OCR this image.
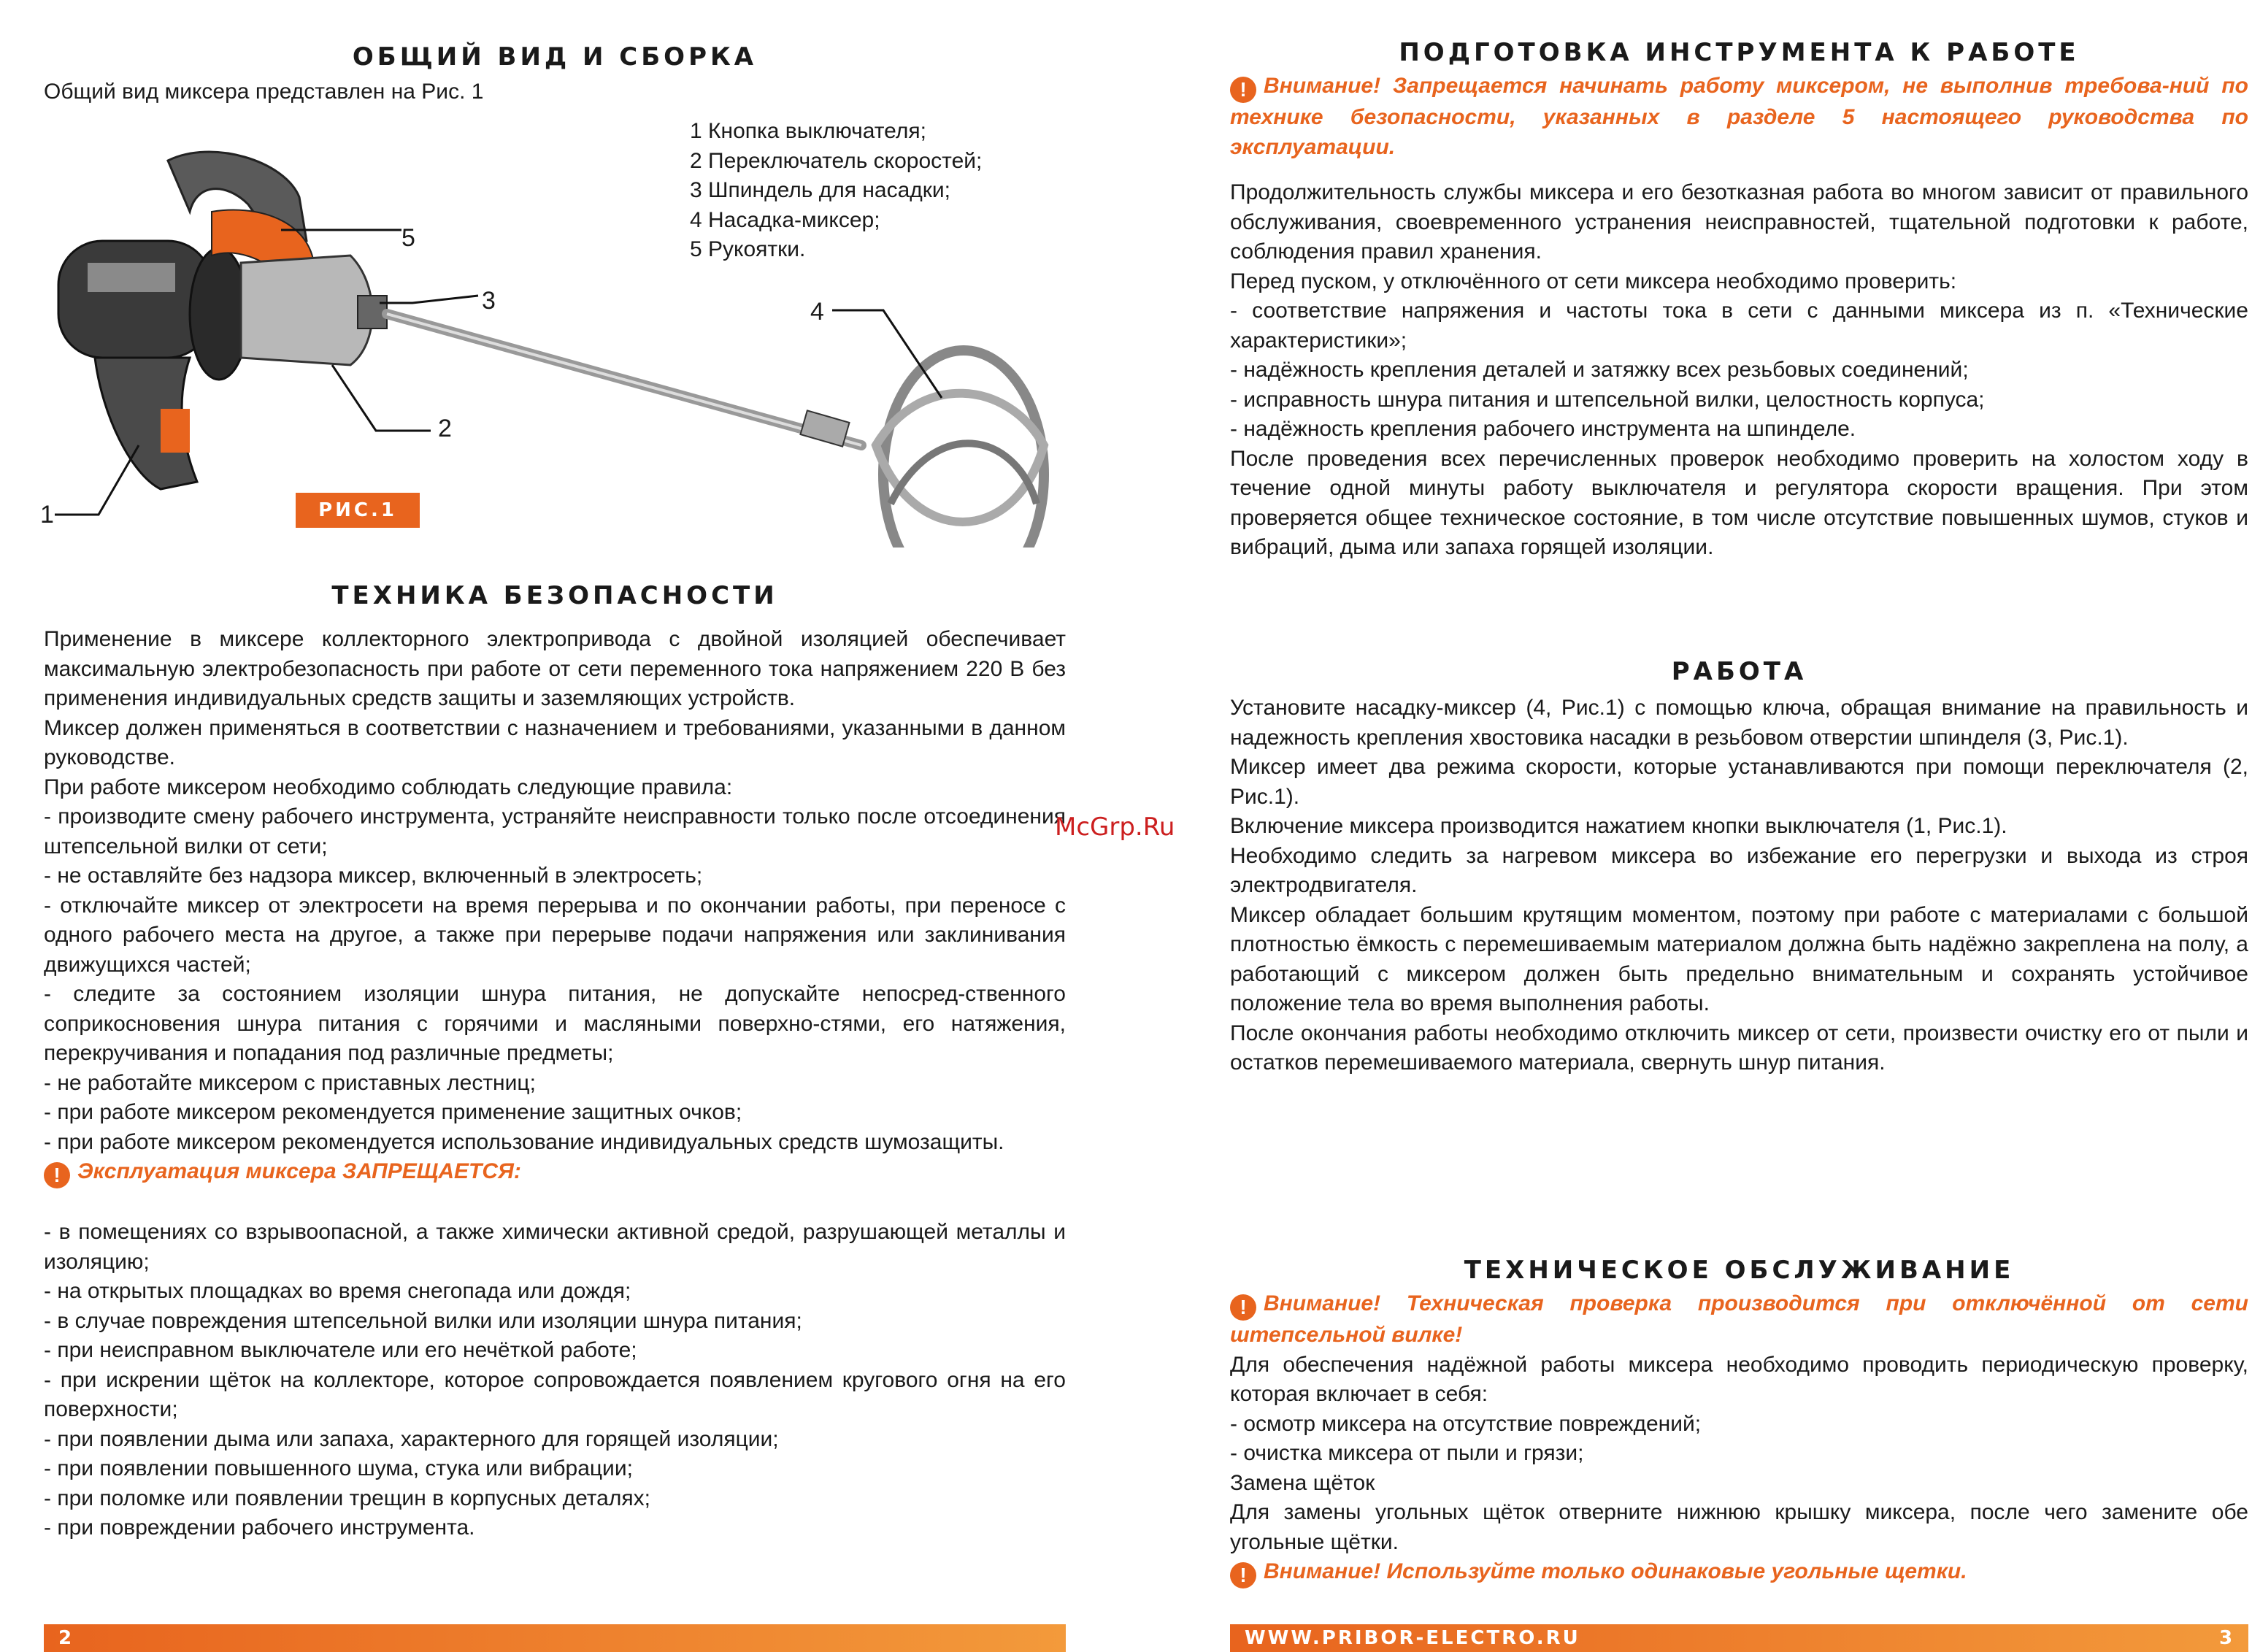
ОБЩИЙ ВИД И СБОРКА

Общий вид миксера представлен на Рис. 1

5
3
2
4
1	РИС.1
1 Кнопка выключателя;
2 Переключатель скоростей;
3 Шпиндель для насадки;
4 Насадка-миксер;
5 Рукоятки.
ТЕХНИКА БЕЗОПАСНОСТИ

Применение в миксере коллекторного электропривода с двойной изоляцией обеспечивает максимальную электробезопасность при работе от сети переменного тока напряжением 220 В без применения индивидуальных средств защиты и заземляющих устройств.

Миксер должен применяться в соответствии с назначением и требованиями, указанными в данном руководстве.

При работе миксером необходимо соблюдать следующие правила:

- производите смену рабочего инструмента, устраняйте неисправности только после отсоединения штепсельной вилки от сети;

- не оставляйте без надзора миксер, включенный в электросеть;

- отключайте миксер от электросети на время перерыва и по окончании работы, при переносе с одного рабочего места на другое, а также при перерыве подачи напряжения или заклинивания движущихся частей;

- следите за состоянием изоляции шнура питания, не допускайте непосред-ственного соприкосновения шнура питания с горячими и масляными поверхно-стями, его натяжения, перекручивания и попадания под различные предметы;

- не работайте миксером с приставных лестниц;

- при работе миксером рекомендуется применение защитных очков;

- при работе миксером рекомендуется использование индивидуальных средств шумозащиты.

! Эксплуатация миксера ЗАПРЕЩАЕТСЯ:

- в помещениях со взрывоопасной, а также химически активной средой, разрушающей металлы и изоляцию;

- на открытых площадках во время снегопада или дождя;

- в случае повреждения штепсельной вилки или изоляции шнура питания;

- при неисправном выключателе или его нечёткой работе;

- при искрении щёток на коллекторе, которое сопровождается появлением кругового огня на его поверхности;

- при появлении дыма или запаха, характерного для горящей изоляции;

- при появлении повышенного шума, стука или вибрации;

- при поломке или появлении трещин в корпусных деталях;

- при повреждении рабочего инструмента.

McGrp.Ru
ПОДГОТОВКА ИНСТРУМЕНТА К РАБОТЕ

! Внимание! Запрещается начинать работу миксером, не выполнив требова-ний по технике безопасности, указанных в разделе 5 настоящего руководства по эксплуатации.

Продолжительность службы миксера и его безотказная работа во многом зависит от правильного обслуживания, своевременного устранения неисправностей, тщательной подготовки к работе, соблюдения правил хранения.

Перед пуском, у отключённого от сети миксера необходимо проверить:

- соответствие напряжения и частоты тока в сети с данными миксера из п. «Технические характеристики»;

- надёжность крепления деталей и затяжку всех резьбовых соединений;

- исправность шнура питания и штепсельной вилки, целостность корпуса;

- надёжность крепления рабочего инструмента на шпинделе.

После проведения всех перечисленных проверок необходимо проверить на холостом ходу в течение одной минуты работу выключателя и регулятора скорости вращения. При этом проверяется общее техническое состояние, в том числе отсутствие повышенных шумов, стуков и вибраций, дыма или запаха горящей изоляции.

РАБОТА

Установите насадку-миксер (4, Рис.1) с помощью ключа, обращая внимание на правильность и надежность крепления хвостовика насадки в резьбовом отверстии шпинделя (3, Рис.1).

Миксер имеет два режима скорости, которые устанавливаются при помощи переключателя (2, Рис.1).

Включение миксера производится нажатием кнопки выключателя (1, Рис.1).

Необходимо следить за нагревом миксера во избежание его перегрузки и выхода из строя электродвигателя.

Миксер обладает большим крутящим моментом, поэтому при работе с материалами с большой плотностью ёмкость с перемешиваемым материалом должна быть надёжно закреплена на полу, а работающий с миксером должен быть предельно внимательным и сохранять устойчивое положение тела во время выполнения работы.

После окончания работы необходимо отключить миксер от сети, произвести очистку его от пыли и остатков перемешиваемого материала, свернуть шнур питания.

ТЕХНИЧЕСКОЕ ОБСЛУЖИВАНИЕ

! Внимание! Техническая проверка производится при отключённой от сети штепсельной вилке!

Для обеспечения надёжной работы миксера необходимо проводить периодическую проверку, которая включает в себя:

- осмотр миксера на отсутствие повреждений;

- очистка миксера от пыли и грязи;

Замена щёток

Для замены угольных щёток отверните нижнюю крышку миксера, после чего замените обе угольные щётки.

! Внимание! Используйте только одинаковые угольные щетки.

2	WWW.PRIBOR-ELECTRO.RU	3
